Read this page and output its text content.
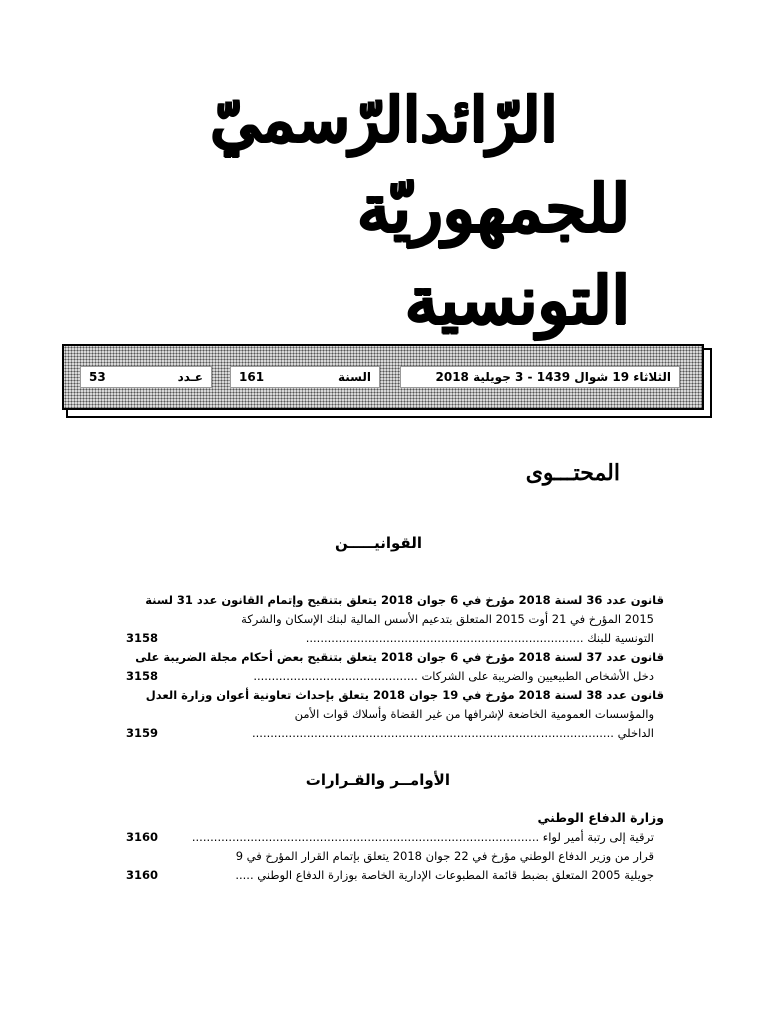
الرّائدالرّسميّ
للجمهوريّة التونسية
الثلاثاء 19 شوال 1439 - 3 جويلية 2018
السنة
161
عـدد
53
المحتـــوى
القوانيـــــن
قانون عدد 36 لسنة 2018 مؤرخ في 6 جوان 2018 يتعلق بتنقيح وإتمام القانون عدد 31 لسنة
2015 المؤرخ في 21 أوت 2015 المتعلق بتدعيم الأسس المالية لبنك الإسكان والشركة
التونسية للبنك ............................................................................
3158
قانون عدد 37 لسنة 2018 مؤرخ في 6 جوان 2018 يتعلق بتنقيح بعض أحكام مجلة الضريبة على
دخل الأشخاص الطبيعيين والضريبة على الشركات .............................................
3158
قانون عدد 38 لسنة 2018 مؤرخ في 19 جوان 2018 يتعلق بإحداث تعاونية أعوان وزارة العدل
والمؤسسات العمومية الخاضعة لإشرافها من غير القضاة وأسلاك قوات الأمن
الداخلي ...................................................................................................
3159
الأوامــر والقـرارات
وزارة الدفاع الوطني
ترقية إلى رتبة أمير لواء ...............................................................................................
3160
قرار من وزير الدفاع الوطني مؤرخ في 22 جوان 2018 يتعلق بإتمام القرار المؤرخ في 9
جويلية 2005 المتعلق بضبط قائمة المطبوعات الإدارية الخاصة بوزارة الدفاع الوطني .....
3160
